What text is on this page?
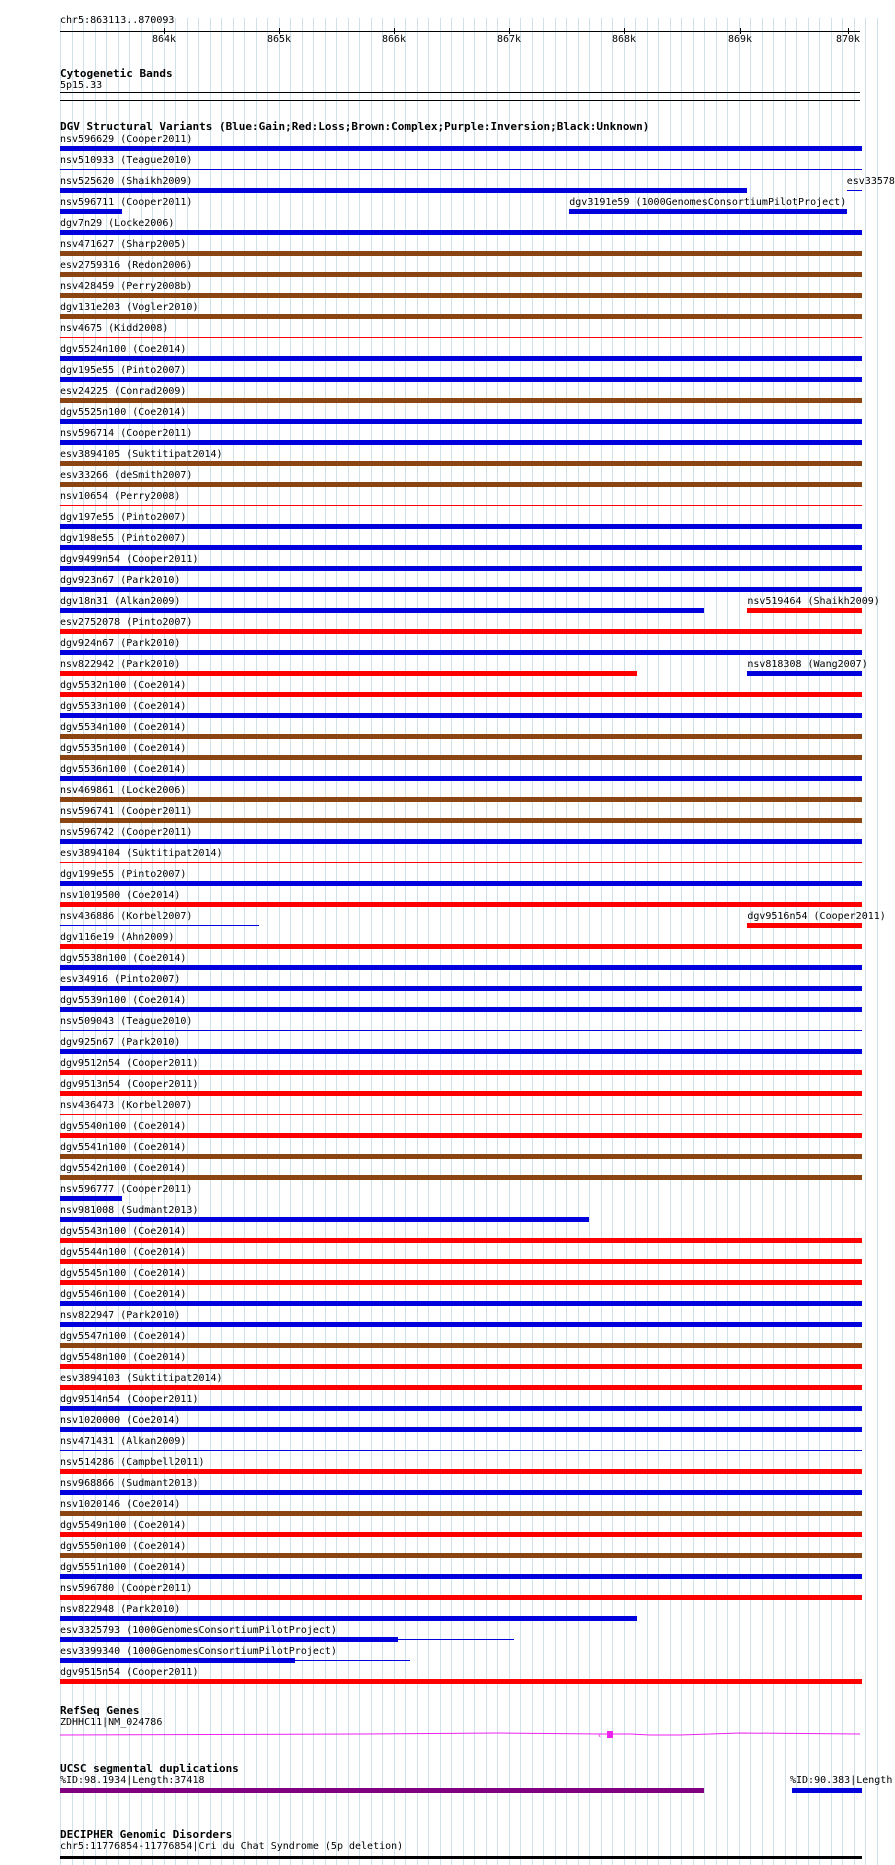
chr5:863113..870093
864k	865k	866k	867k	868k	869k	870k
Cytogenetic Bands
5p15.33
DGV Structural Variants (Blue:Gain;Red:Loss;Brown:Complex;Purple:Inversion;Black:Unknown)
nsv596629 (Cooper2011)
nsv510933 (Teague2010)
nsv525620 (Shaikh2009)	esv33578
nsv596711 (Cooper2011)	dgv3191e59 (1000GenomesConsortiumPilotProject)
dgv7n29 (Locke2006)
nsv471627 (Sharp2005)
esv2759316 (Redon2006)
nsv428459 (Perry2008b)
dgv131e203 (Vogler2010)
nsv4675 (Kidd2008)
dgv5524n100 (Coe2014)
dgv195e55 (Pinto2007)
esv24225 (Conrad2009)
dgv5525n100 (Coe2014)
nsv596714 (Cooper2011)
esv3894105 (Suktitipat2014)
esv33266 (deSmith2007)
nsv10654 (Perry2008)
dgv197e55 (Pinto2007)
dgv198e55 (Pinto2007)
dgv9499n54 (Cooper2011)
dgv923n67 (Park2010)
dgv18n31 (Alkan2009)	nsv519464 (Shaikh2009)
esv2752078 (Pinto2007)
dgv924n67 (Park2010)
nsv822942 (Park2010)	nsv818308 (Wang2007)
dgv5532n100 (Coe2014)
dgv5533n100 (Coe2014)
dgv5534n100 (Coe2014)
dgv5535n100 (Coe2014)
dgv5536n100 (Coe2014)
nsv469861 (Locke2006)
nsv596741 (Cooper2011)
nsv596742 (Cooper2011)
esv3894104 (Suktitipat2014)
dgv199e55 (Pinto2007)
nsv1019500 (Coe2014)
nsv436886 (Korbel2007)	dgv9516n54 (Cooper2011)
dgv116e19 (Ahn2009)
dgv5538n100 (Coe2014)
esv34916 (Pinto2007)
dgv5539n100 (Coe2014)
nsv509043 (Teague2010)
dgv925n67 (Park2010)
dgv9512n54 (Cooper2011)
dgv9513n54 (Cooper2011)
nsv436473 (Korbel2007)
dgv5540n100 (Coe2014)
dgv5541n100 (Coe2014)
dgv5542n100 (Coe2014)
nsv596777 (Cooper2011)
nsv981008 (Sudmant2013)
dgv5543n100 (Coe2014)
dgv5544n100 (Coe2014)
dgv5545n100 (Coe2014)
dgv5546n100 (Coe2014)
nsv822947 (Park2010)
dgv5547n100 (Coe2014)
dgv5548n100 (Coe2014)
esv3894103 (Suktitipat2014)
dgv9514n54 (Cooper2011)
nsv1020000 (Coe2014)
nsv471431 (Alkan2009)
nsv514286 (Campbell2011)
nsv968866 (Sudmant2013)
nsv1020146 (Coe2014)
dgv5549n100 (Coe2014)
dgv5550n100 (Coe2014)
dgv5551n100 (Coe2014)
nsv596780 (Cooper2011)
nsv822948 (Park2010)
esv3325793 (1000GenomesConsortiumPilotProject)
esv3399340 (1000GenomesConsortiumPilotProject)
dgv9515n54 (Cooper2011)
RefSeq Genes
ZDHHC11|NM_024786
‹
UCSC segmental duplications
%ID:98.1934|Length:37418	%ID:90.383|Length
DECIPHER Genomic Disorders
chr5:11776854-11776854|Cri du Chat Syndrome (5p deletion)
